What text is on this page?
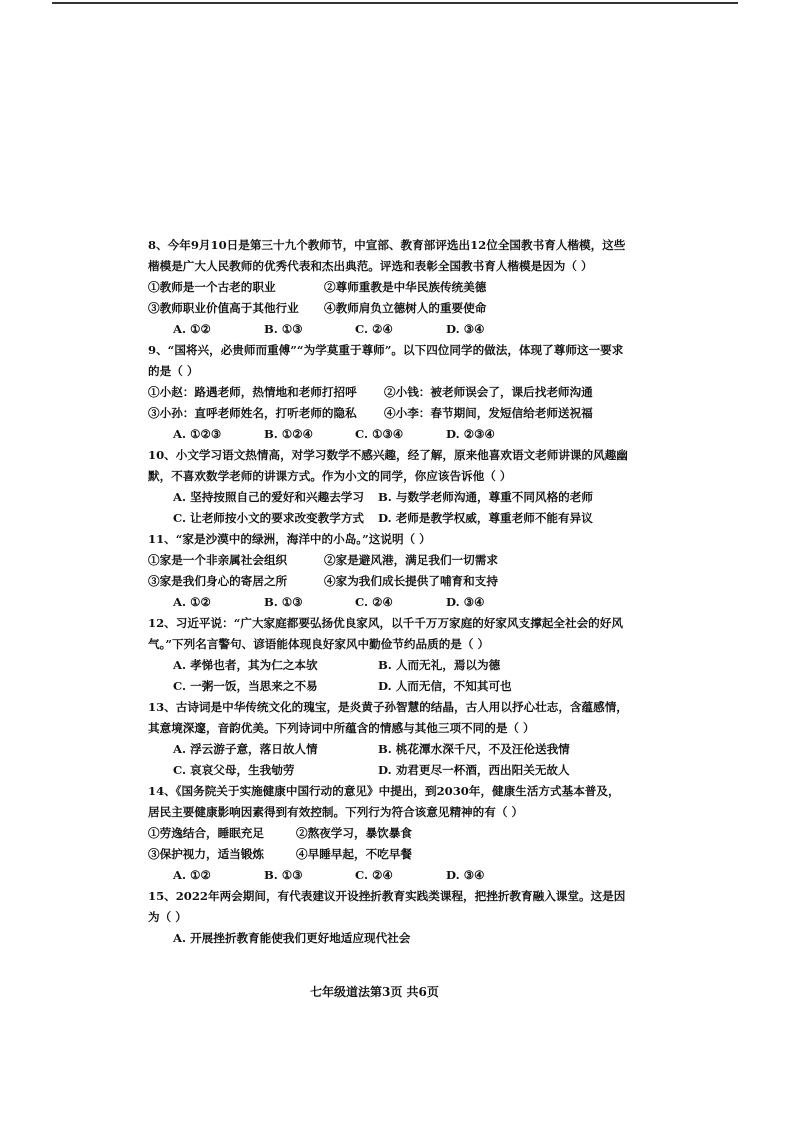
8、今年9月10日是第三十九个教师节，中宣部、教育部评选出12位全国教书育人楷模，这些楷模是广大人民教师的优秀代表和杰出典范。评选和表彰全国教书育人楷模是因为（ ）
①教师是一个古老的职业	②尊师重教是中华民族传统美德
③教师职业价值高于其他行业	④教师肩负立德树人的重要使命
A. ①②	B. ①③	C. ②④	D. ③④
9、“国将兴，必贵师而重傅”“为学莫重于尊师”。以下四位同学的做法，体现了尊师这一要求的是（ ）
①小赵：路遇老师，热情地和老师打招呼	②小钱：被老师误会了，课后找老师沟通
③小孙：直呼老师姓名，打听老师的隐私	④小李：春节期间，发短信给老师送祝福
A. ①②③	B. ①②④	C. ①③④	D. ②③④
10、小文学习语文热情高，对学习数学不感兴趣，经了解，原来他喜欢语文老师讲课的风趣幽默，不喜欢数学老师的讲课方式。作为小文的同学，你应该告诉他（ ）
A. 坚持按照自己的爱好和兴趣去学习	B. 与数学老师沟通，尊重不同风格的老师
C. 让老师按小文的要求改变教学方式	D. 老师是教学权威，尊重老师不能有异议
11、“家是沙漠中的绿洲，海洋中的小岛。”这说明（ ）
①家是一个非亲属社会组织	②家是避风港，满足我们一切需求
③家是我们身心的寄居之所	④家为我们成长提供了哺育和支持
A. ①②	B. ①③	C. ②④	D. ③④
12、习近平说：“广大家庭都要弘扬优良家风，以千千万万家庭的好家风支撑起全社会的好风气。”下列名言警句、谚语能体现良好家风中勤俭节约品质的是（ ）
A. 孝悌也者，其为仁之本欤	B. 人而无礼，焉以为德
C. 一粥一饭，当思来之不易	D. 人而无信，不知其可也
13、古诗词是中华传统文化的瑰宝，是炎黄子孙智慧的结晶，古人用以抒心壮志，含蕴感情，其意境深邃，音韵优美。下列诗词中所蕴含的情感与其他三项不同的是（ ）
A. 浮云游子意，落日故人情	B. 桃花潭水深千尺，不及汪伦送我情
C. 哀哀父母，生我劬劳	D. 劝君更尽一杯酒，西出阳关无故人
14、《国务院关于实施健康中国行动的意见》中提出，到2030年，健康生活方式基本普及，居民主要健康影响因素得到有效控制。下列行为符合该意见精神的有（ ）
①劳逸结合，睡眠充足	②熬夜学习，暴饮暴食
③保护视力，适当锻炼	④早睡早起，不吃早餐
A. ①②	B. ①③	C. ②④	D. ③④
15、2022年两会期间，有代表建议开设挫折教育实践类课程，把挫折教育融入课堂。这是因为（ ）
A. 开展挫折教育能使我们更好地适应现代社会
七年级道法第3页 共6页
